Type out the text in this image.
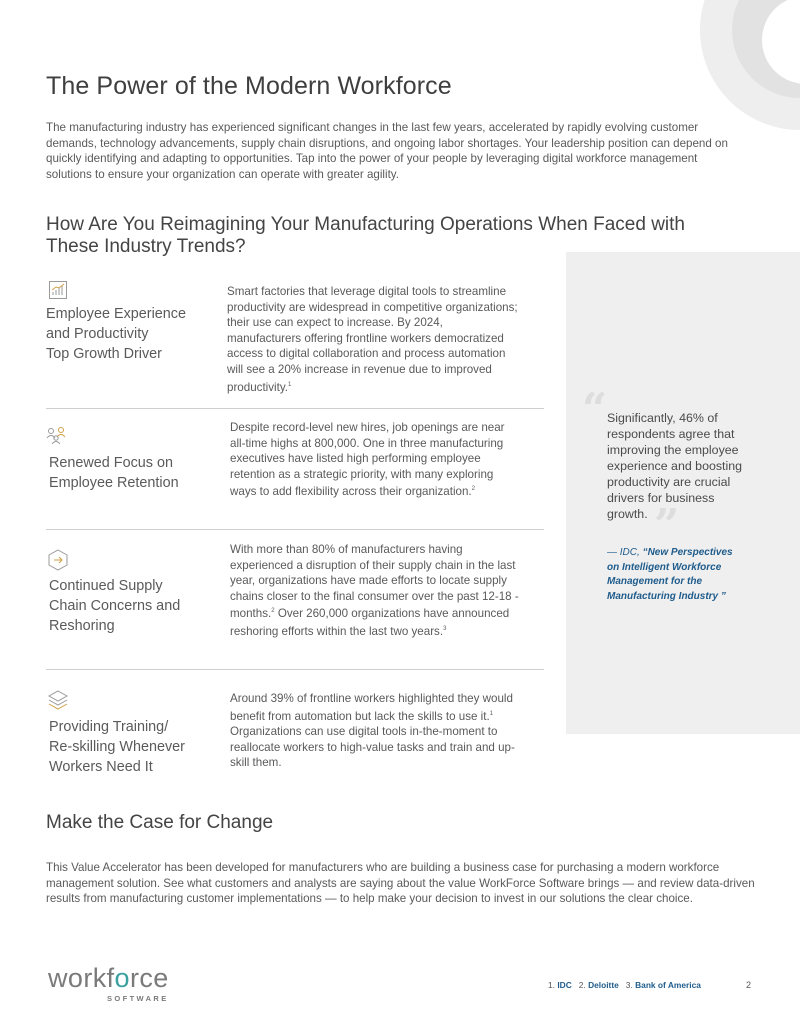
The Power of the Modern Workforce

The manufacturing industry has experienced significant changes in the last few years, accelerated by rapidly evolving customer demands, technology advancements, supply chain disruptions, and ongoing labor shortages. Your leadership position can depend on quickly identifying and adapting to opportunities. Tap into the power of your people by leveraging digital workforce management solutions to ensure your organization can operate with greater agility.

How Are You Reimagining Your Manufacturing Operations When Faced with These Industry Trends?
“ Significantly, 46% of respondents agree that improving the employee experience and boosting productivity are crucial drivers for business growth. ”

— IDC, “New Perspectives on Intelligent Workforce Management for the Manufacturing Industry ”

Employee Experience
and Productivity
Top Growth Driver

Smart factories that leverage digital tools to streamline productivity are widespread in competitive organizations; their use can expect to increase. By 2024, manufacturers offering frontline workers democratized access to digital collaboration and process automation will see a 20% increase in revenue due to improved productivity.$^1$

Renewed Focus on
Employee Retention

Despite record-level new hires, job openings are near all-time highs at 800,000. One in three manufacturing executives have listed high performing employee retention as a strategic priority, with many exploring ways to add flexibility across their organization.$^2$

Continued Supply
Chain Concerns and
Reshoring

With more than 80% of manufacturers having experienced a disruption of their supply chain in the last year, organizations have made efforts to locate supply chains closer to the final consumer over the past 12-18 -months.$^2$ Over 260,000 organizations have announced reshoring efforts within the last two years.$^3$

Providing Training/
Re-skilling Whenever
Workers Need It

Around 39% of frontline workers highlighted they would benefit from automation but lack the skills to use it.$^1$ Organizations can use digital tools in-the-moment to reallocate workers to high-value tasks and train and up-skill them.

Make the Case for Change

This Value Accelerator has been developed for manufacturers who are building a business case for purchasing a modern workforce management solution. See what customers and analysts are saying about the value WorkForce Software brings — and review data-driven results from manufacturing customer implementations — to help make your decision to invest in our solutions the clear choice.

workforce
SOFTWARE
1. IDC 2. Deloitte 3. Bank of America	2
